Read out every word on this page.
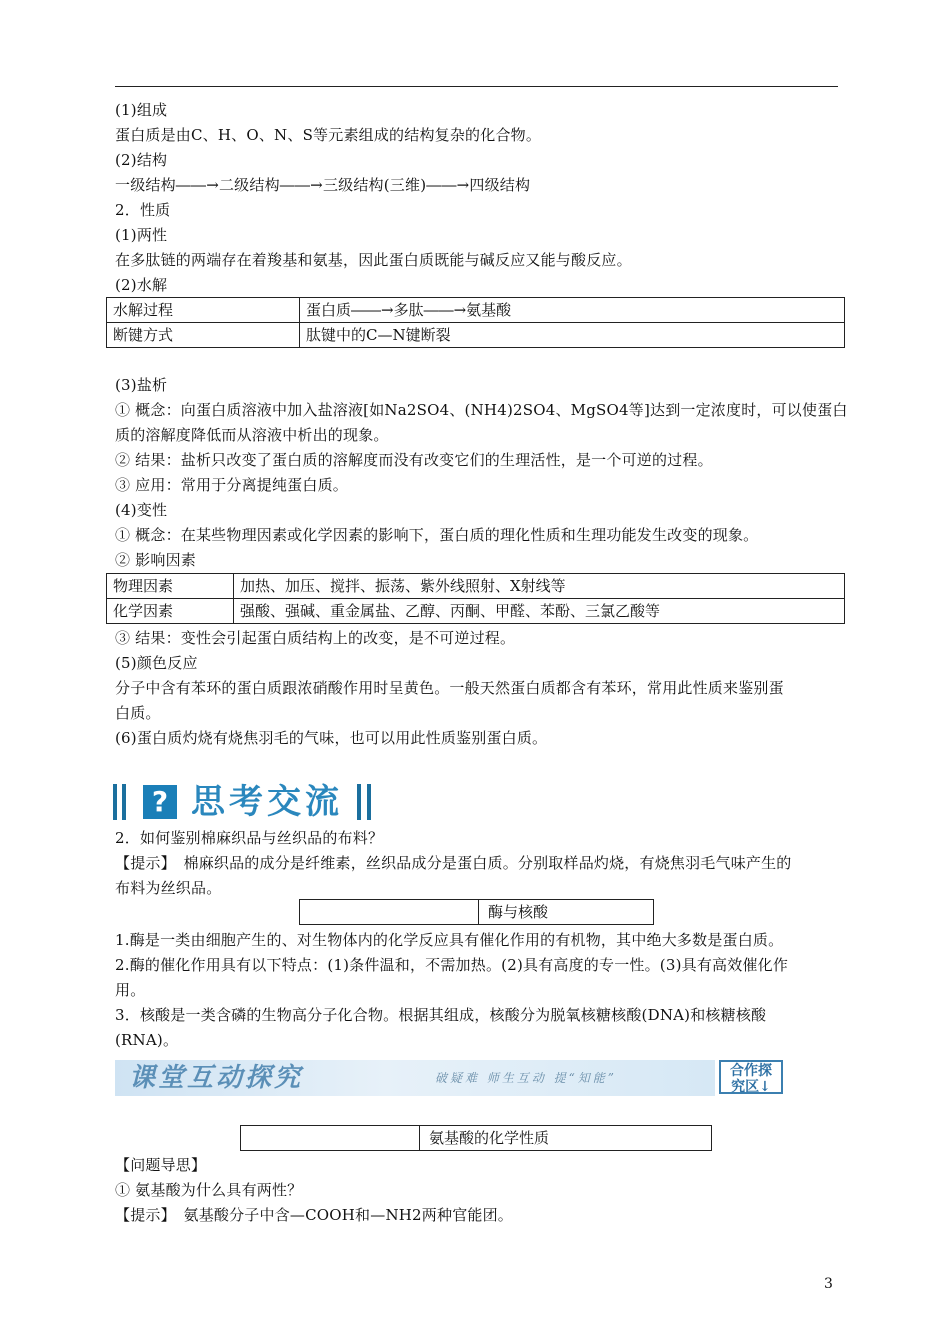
(1)组成
蛋白质是由C、H、O、N、S等元素组成的结构复杂的化合物。
(2)结构
一级结构――→二级结构――→三级结构(三维)――→四级结构
2．性质
(1)两性
在多肽链的两端存在着羧基和氨基，因此蛋白质既能与碱反应又能与酸反应。
(2)水解
水解过程	蛋白质――→多肽――→氨基酸
断键方式	肽键中的C—N键断裂
(3)盐析
① 概念：向蛋白质溶液中加入盐溶液[如Na2SO4、(NH4)2SO4、MgSO4等]达到一定浓度时，可以使蛋白
质的溶解度降低而从溶液中析出的现象。
② 结果：盐析只改变了蛋白质的溶解度而没有改变它们的生理活性，是一个可逆的过程。
③ 应用：常用于分离提纯蛋白质。
(4)变性
① 概念：在某些物理因素或化学因素的影响下，蛋白质的理化性质和生理功能发生改变的现象。
② 影响因素
物理因素	加热、加压、搅拌、振荡、紫外线照射、X射线等
化学因素	强酸、强碱、重金属盐、乙醇、丙酮、甲醛、苯酚、三氯乙酸等
③ 结果：变性会引起蛋白质结构上的改变，是不可逆过程。
(5)颜色反应
分子中含有苯环的蛋白质跟浓硝酸作用时呈黄色。一般天然蛋白质都含有苯环，常用此性质来鉴别蛋
白质。
(6)蛋白质灼烧有烧焦羽毛的气味，也可以用此性质鉴别蛋白质。
? 思考交流
2．如何鉴别棉麻织品与丝织品的布料？
【提示】　棉麻织品的成分是纤维素，丝织品成分是蛋白质。分别取样品灼烧，有烧焦羽毛气味产生的
布料为丝织品。
酶与核酸
1.酶是一类由细胞产生的、对生物体内的化学反应具有催化作用的有机物，其中绝大多数是蛋白质。
2.酶的催化作用具有以下特点：(1)条件温和，不需加热。(2)具有高度的专一性。(3)具有高效催化作
用。
3．核酸是一类含磷的生物高分子化合物。根据其组成，核酸分为脱氧核糖核酸(DNA)和核糖核酸
(RNA)。
课堂互动探究	破疑难 师生互动 提“知能”	合作探
究区↓
氨基酸的化学性质
【问题导思】
① 氨基酸为什么具有两性？
【提示】　氨基酸分子中含—COOH和—NH2两种官能团。
3
